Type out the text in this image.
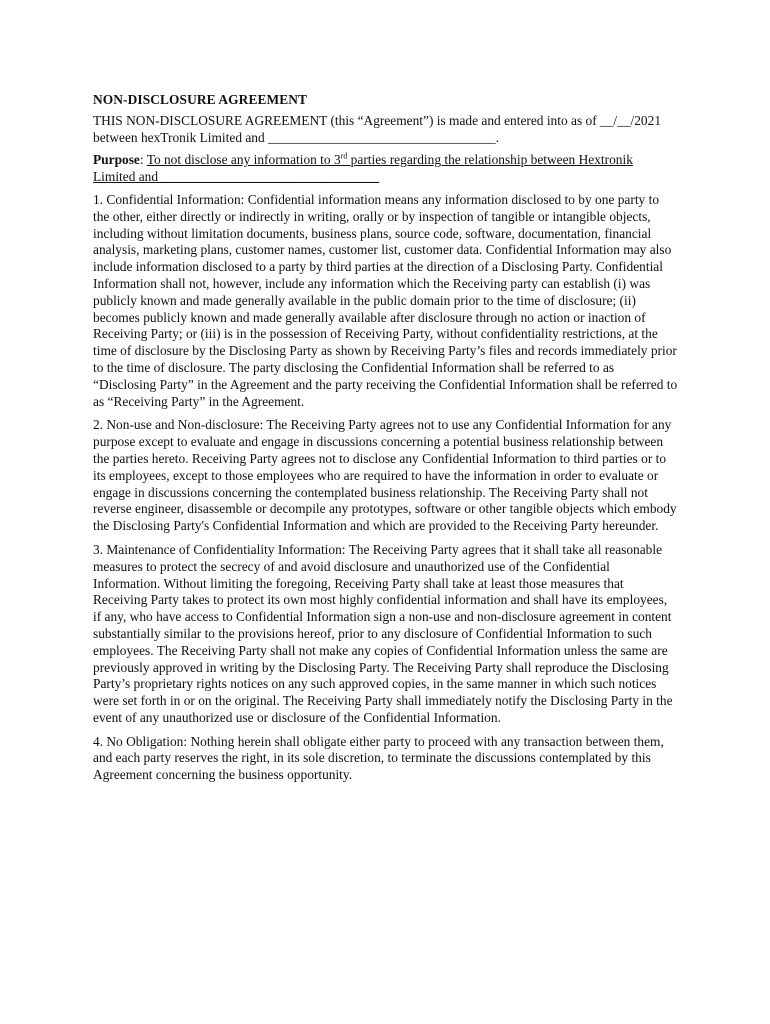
NON-DISCLOSURE AGREEMENT

THIS NON-DISCLOSURE AGREEMENT (this “Agreement”) is made and entered into as of __/__/2021 between hexTronik Limited and __________________________________.

Purpose: To not disclose any information to 3rd parties regarding the relationship between Hextronik Limited and ____________________ ____________

1. Confidential Information: Confidential information means any information disclosed to by one party to the other, either directly or indirectly in writing, orally or by inspection of tangible or intangible objects, including without limitation documents, business plans, source code, software, documentation, financial analysis, marketing plans, customer names, customer list, customer data. Confidential Information may also include information disclosed to a party by third parties at the direction of a Disclosing Party. Confidential Information shall not, however, include any information which the Receiving party can establish (i) was publicly known and made generally available in the public domain prior to the time of disclosure; (ii) becomes publicly known and made generally available after disclosure through no action or inaction of Receiving Party; or (iii) is in the possession of Receiving Party, without confidentiality restrictions, at the time of disclosure by the Disclosing Party as shown by Receiving Party’s files and records immediately prior to the time of disclosure. The party disclosing the Confidential Information shall be referred to as “Disclosing Party” in the Agreement and the party receiving the Confidential Information shall be referred to as “Receiving Party” in the Agreement.

2. Non-use and Non-disclosure: The Receiving Party agrees not to use any Confidential Information for any purpose except to evaluate and engage in discussions concerning a potential business relationship between the parties hereto. Receiving Party agrees not to disclose any Confidential Information to third parties or to its employees, except to those employees who are required to have the information in order to evaluate or engage in discussions concerning the contemplated business relationship. The Receiving Party shall not reverse engineer, disassemble or decompile any prototypes, software or other tangible objects which embody the Disclosing Party's Confidential Information and which are provided to the Receiving Party hereunder.

3. Maintenance of Confidentiality Information: The Receiving Party agrees that it shall take all reasonable measures to protect the secrecy of and avoid disclosure and unauthorized use of the Confidential Information. Without limiting the foregoing, Receiving Party shall take at least those measures that Receiving Party takes to protect its own most highly confidential information and shall have its employees, if any, who have access to Confidential Information sign a non-use and non-disclosure agreement in content substantially similar to the provisions hereof, prior to any disclosure of Confidential Information to such employees. The Receiving Party shall not make any copies of Confidential Information unless the same are previously approved in writing by the Disclosing Party. The Receiving Party shall reproduce the Disclosing Party’s proprietary rights notices on any such approved copies, in the same manner in which such notices were set forth in or on the original. The Receiving Party shall immediately notify the Disclosing Party in the event of any unauthorized use or disclosure of the Confidential Information.

4. No Obligation: Nothing herein shall obligate either party to proceed with any transaction between them, and each party reserves the right, in its sole discretion, to terminate the discussions contemplated by this Agreement concerning the business opportunity.
